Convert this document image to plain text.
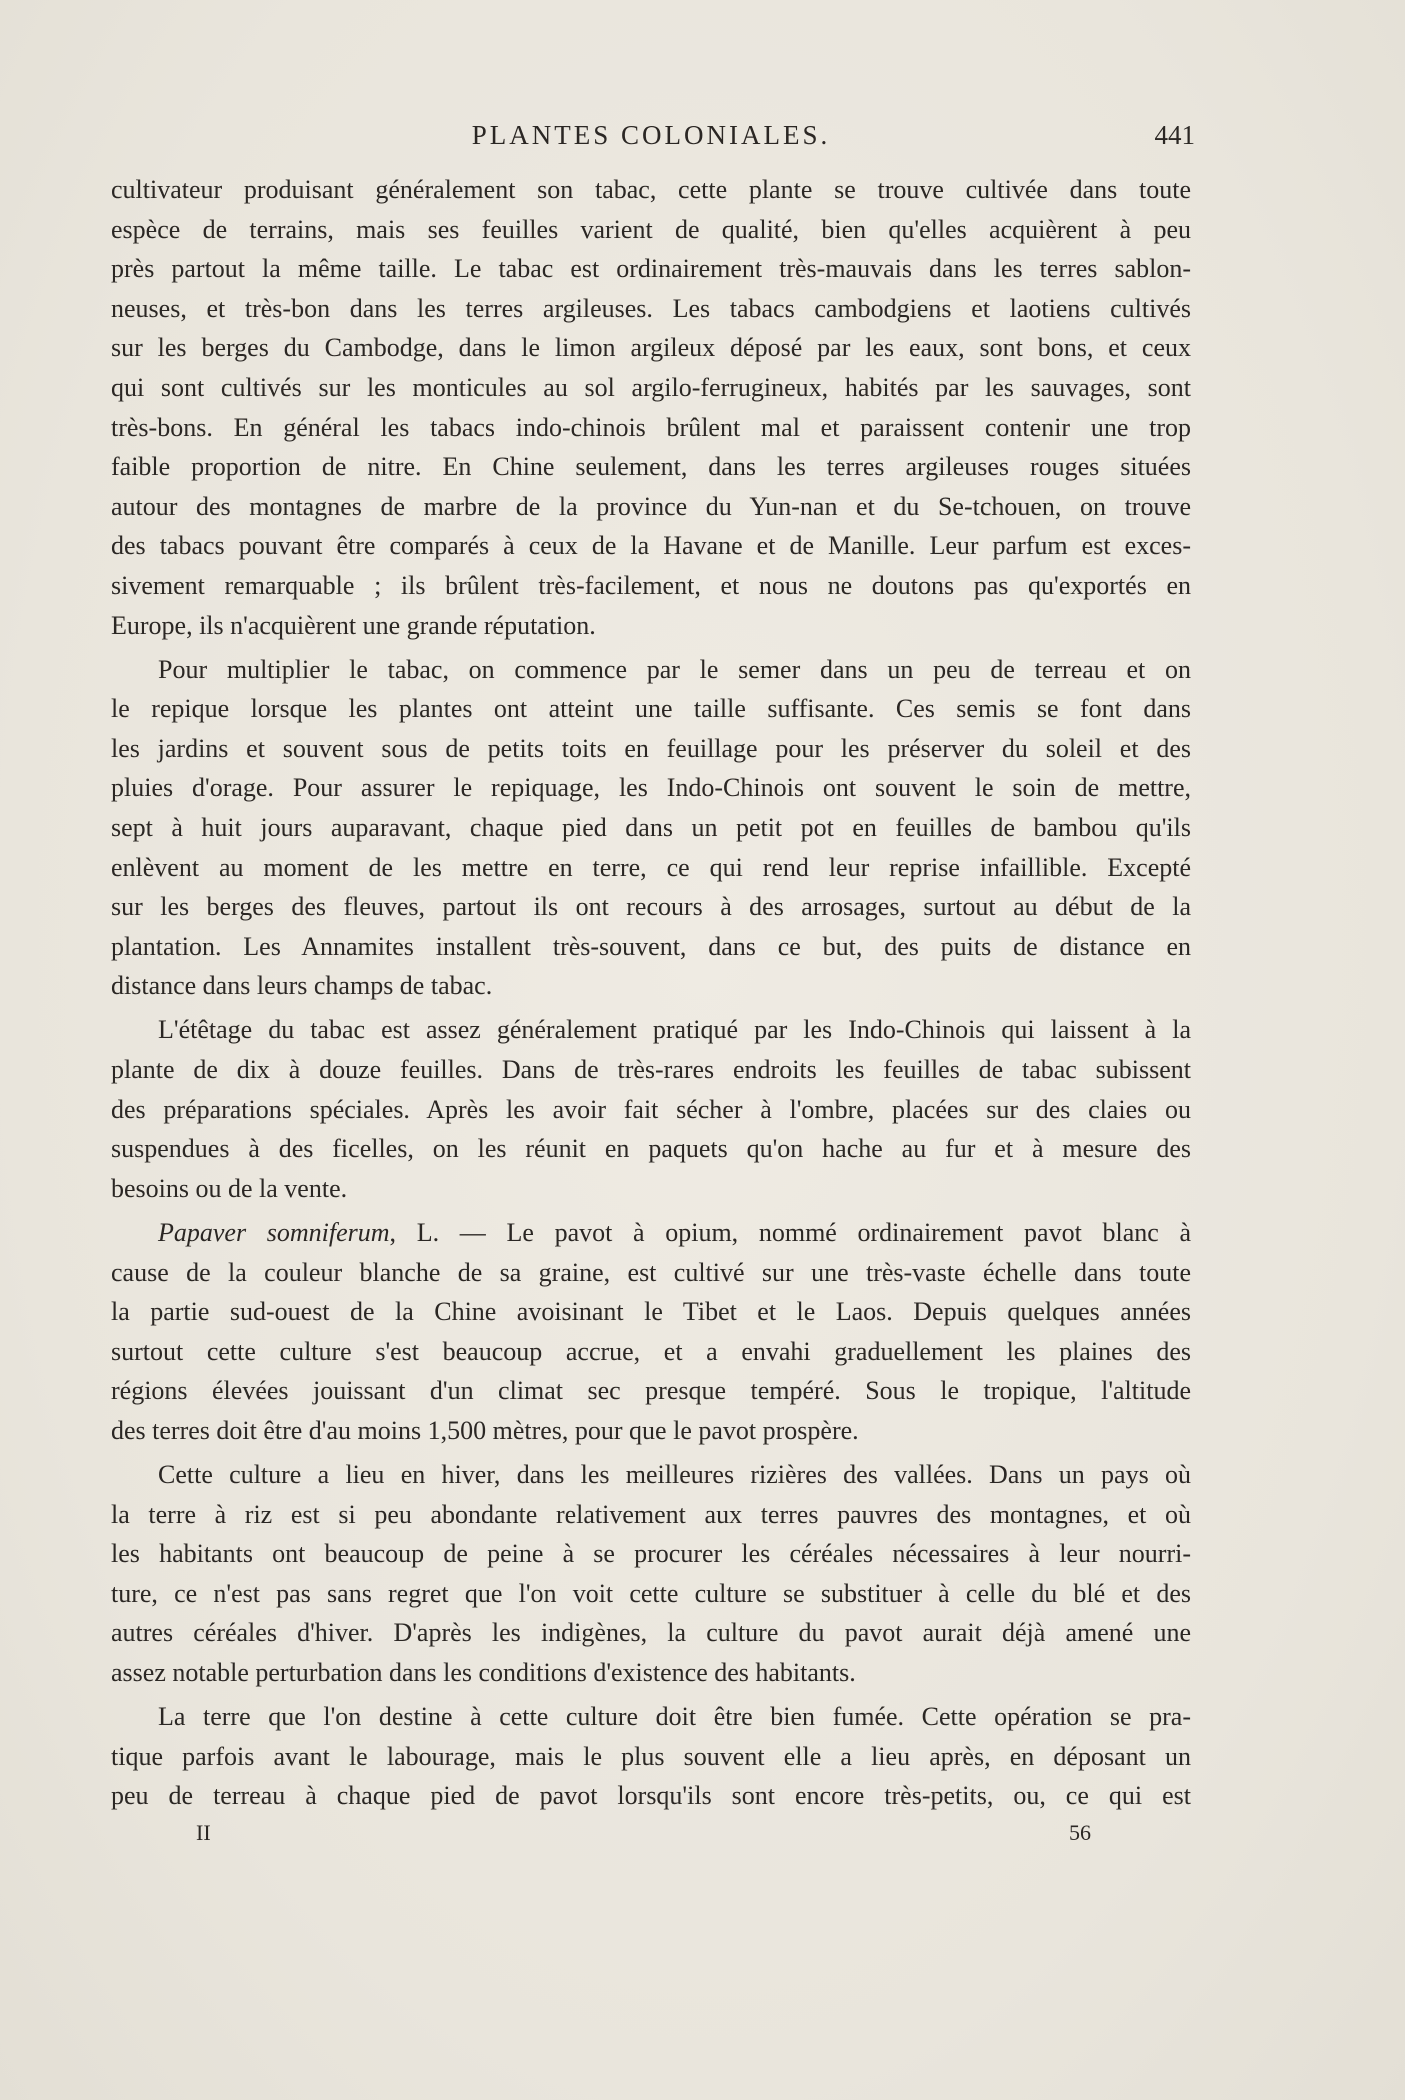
PLANTES COLONIALES.	441
cultivateur produisant généralement son tabac, cette plante se trouve cultivée dans toute
espèce de terrains, mais ses feuilles varient de qualité, bien qu'elles acquièrent à peu
près partout la même taille. Le tabac est ordinairement très-mauvais dans les terres sablon-
neuses, et très-bon dans les terres argileuses. Les tabacs cambodgiens et laotiens cultivés
sur les berges du Cambodge, dans le limon argileux déposé par les eaux, sont bons, et ceux
qui sont cultivés sur les monticules au sol argilo-ferrugineux, habités par les sauvages, sont
très-bons. En général les tabacs indo-chinois brûlent mal et paraissent contenir une trop
faible proportion de nitre. En Chine seulement, dans les terres argileuses rouges situées
autour des montagnes de marbre de la province du Yun-nan et du Se-tchouen, on trouve
des tabacs pouvant être comparés à ceux de la Havane et de Manille. Leur parfum est exces-
sivement remarquable ; ils brûlent très-facilement, et nous ne doutons pas qu'exportés en
Europe, ils n'acquièrent une grande réputation.
Pour multiplier le tabac, on commence par le semer dans un peu de terreau et on
le repique lorsque les plantes ont atteint une taille suffisante. Ces semis se font dans
les jardins et souvent sous de petits toits en feuillage pour les préserver du soleil et des
pluies d'orage. Pour assurer le repiquage, les Indo-Chinois ont souvent le soin de mettre,
sept à huit jours auparavant, chaque pied dans un petit pot en feuilles de bambou qu'ils
enlèvent au moment de les mettre en terre, ce qui rend leur reprise infaillible. Excepté
sur les berges des fleuves, partout ils ont recours à des arrosages, surtout au début de la
plantation. Les Annamites installent très-souvent, dans ce but, des puits de distance en
distance dans leurs champs de tabac.
L'étêtage du tabac est assez généralement pratiqué par les Indo-Chinois qui laissent à la
plante de dix à douze feuilles. Dans de très-rares endroits les feuilles de tabac subissent
des préparations spéciales. Après les avoir fait sécher à l'ombre, placées sur des claies ou
suspendues à des ficelles, on les réunit en paquets qu'on hache au fur et à mesure des
besoins ou de la vente.
Papaver somniferum, L. — Le pavot à opium, nommé ordinairement pavot blanc à
cause de la couleur blanche de sa graine, est cultivé sur une très-vaste échelle dans toute
la partie sud-ouest de la Chine avoisinant le Tibet et le Laos. Depuis quelques années
surtout cette culture s'est beaucoup accrue, et a envahi graduellement les plaines des
régions élevées jouissant d'un climat sec presque tempéré. Sous le tropique, l'altitude
des terres doit être d'au moins 1,500 mètres, pour que le pavot prospère.
Cette culture a lieu en hiver, dans les meilleures rizières des vallées. Dans un pays où
la terre à riz est si peu abondante relativement aux terres pauvres des montagnes, et où
les habitants ont beaucoup de peine à se procurer les céréales nécessaires à leur nourri-
ture, ce n'est pas sans regret que l'on voit cette culture se substituer à celle du blé et des
autres céréales d'hiver. D'après les indigènes, la culture du pavot aurait déjà amené une
assez notable perturbation dans les conditions d'existence des habitants.
La terre que l'on destine à cette culture doit être bien fumée. Cette opération se pra-
tique parfois avant le labourage, mais le plus souvent elle a lieu après, en déposant un
peu de terreau à chaque pied de pavot lorsqu'ils sont encore très-petits, ou, ce qui est
II	56
